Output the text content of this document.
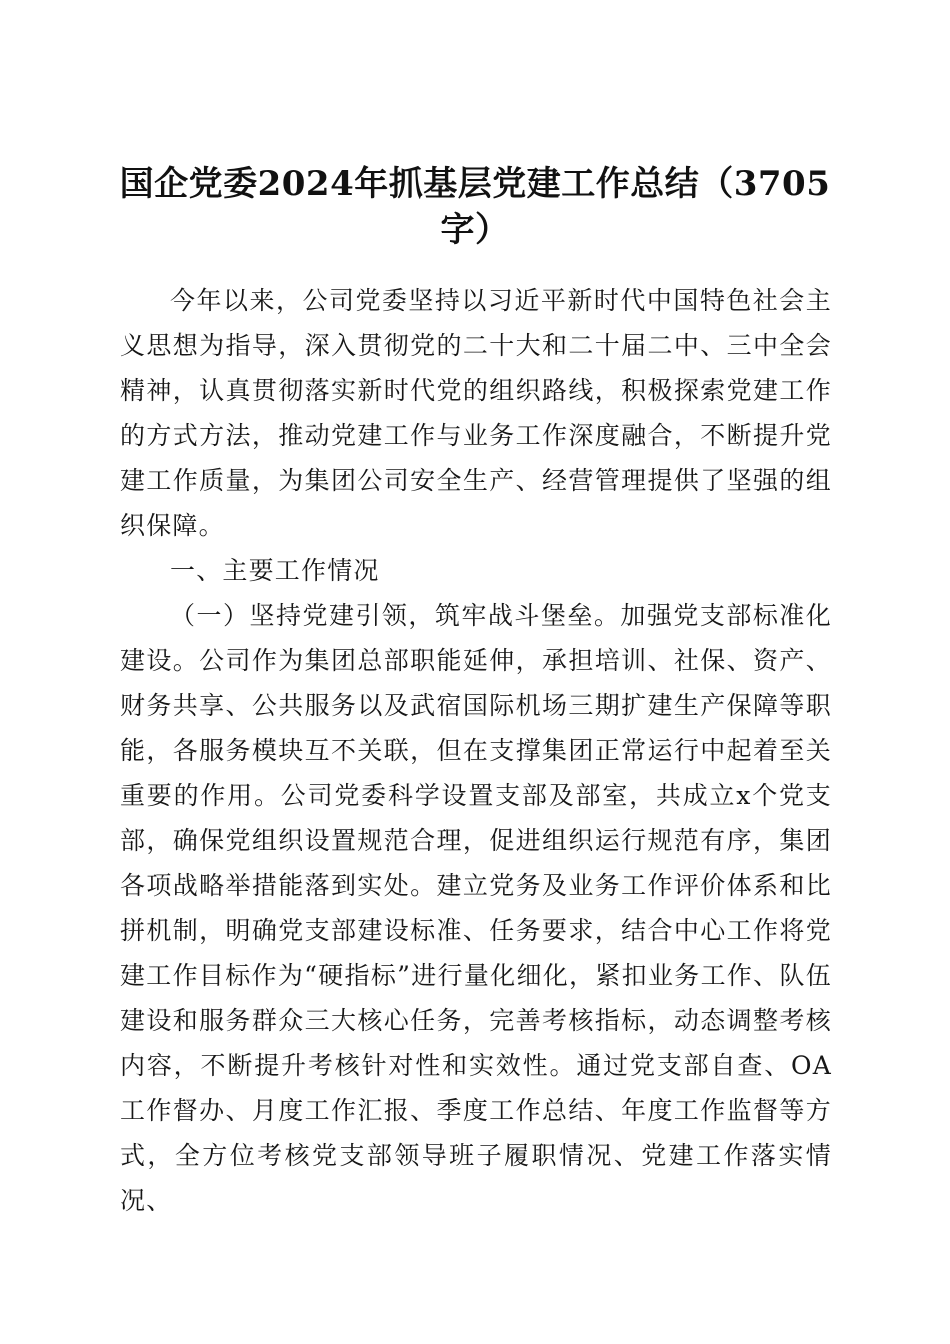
国企党委2024年抓基层党建工作总结（3705
字）

今年以来，公司党委坚持以习近平新时代中国特色社会主义思想为指导，深入贯彻党的二十大和二十届二中、三中全会精神，认真贯彻落实新时代党的组织路线，积极探索党建工作的方式方法，推动党建工作与业务工作深度融合，不断提升党建工作质量，为集团公司安全生产、经营管理提供了坚强的组织保障。

一、主要工作情况

（一）坚持党建引领，筑牢战斗堡垒。加强党支部标准化建设。公司作为集团总部职能延伸，承担培训、社保、资产、财务共享、公共服务以及武宿国际机场三期扩建生产保障等职能，各服务模块互不关联，但在支撑集团正常运行中起着至关重要的作用。公司党委科学设置支部及部室，共成立x个党支部，确保党组织设置规范合理，促进组织运行规范有序，集团各项战略举措能落到实处。建立党务及业务工作评价体系和比拼机制，明确党支部建设标准、任务要求，结合中心工作将党建工作目标作为“硬指标”进行量化细化，紧扣业务工作、队伍建设和服务群众三大核心任务，完善考核指标，动态调整考核内容，不断提升考核针对性和实效性。通过党支部自查、OA工作督办、月度工作汇报、季度工作总结、年度工作监督等方式，全方位考核党支部领导班子履职情况、党建工作落实情况、
